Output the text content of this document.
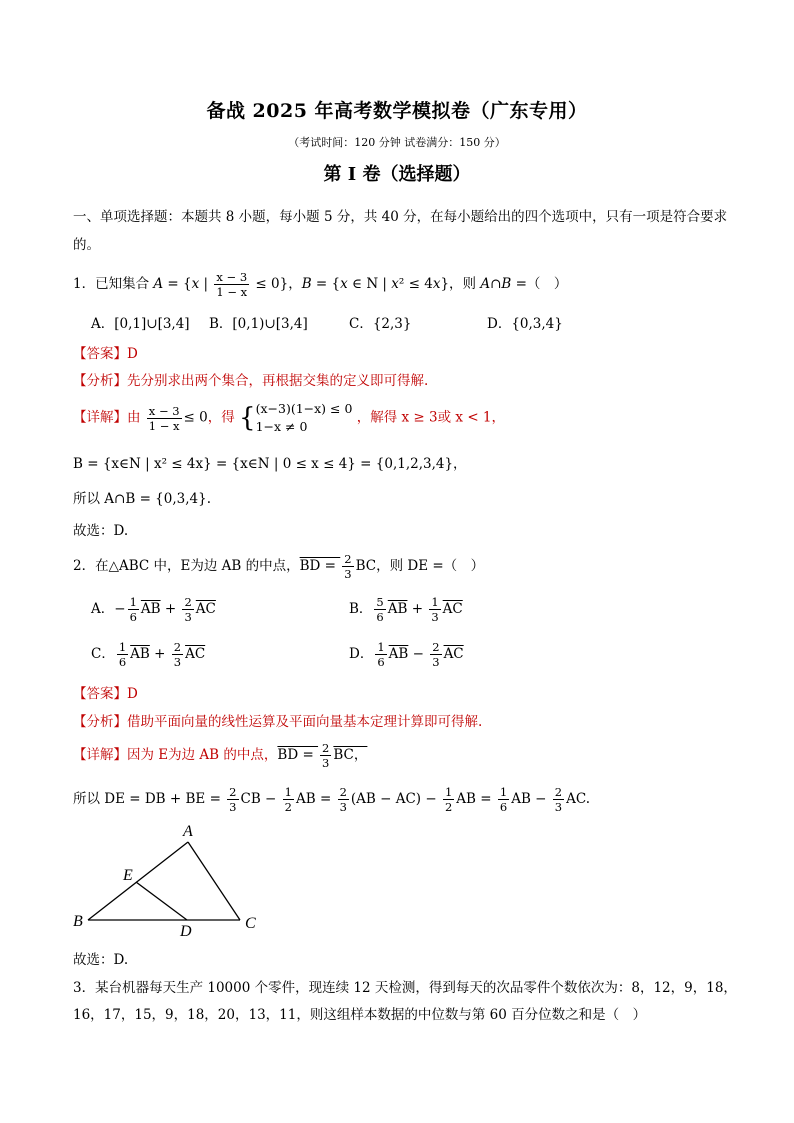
备战 2025 年高考数学模拟卷（广东专用）
（考试时间：120 分钟 试卷满分：150 分）
第 I 卷（选择题）
一、单项选择题：本题共 8 小题，每小题 5 分，共 40 分，在每小题给出的四个选项中，只有一项是符合要求的。
1．已知集合 A = {x | $\frac{x - 3}{1 - x} \le 0$}，B = {x ∈ N | x² ≤ 4x}，则 A∩B =（　）
A．[0,1]∪[3,4] B．[0,1)∪[3,4]	C．{2,3}	D．{0,3,4}
【答案】D
【分析】先分别求出两个集合，再根据交集的定义即可得解.
【详解】由 $\frac{x - 3}{1 - x} \le 0$，得 { (x−3)(1−x) ≤ 0
1−x ≠ 0
，解得 x ≥ 3或 x < 1，
B = {x∈N | x² ≤ 4x} = {x∈N | 0 ≤ x ≤ 4} = {0,1,2,3,4}，
所以 A∩B = {0,3,4}.
故选：D.
2．在△ABC 中，E为边 AB 的中点，BD = $\frac{2}{3}$ BC，则 DE =（　）
A．− $\frac{1}{6} \overline{AB} + \frac{2}{3} \overline{AC}$	B． $\frac{5}{6} \overline{AB} + \frac{1}{3} \overline{AC}$
C． $\frac{1}{6} \overline{AB} + \frac{2}{3} \overline{AC}$	D． $\frac{1}{6} \overline{AB} - \frac{2}{3} \overline{AC}$
【答案】D
【分析】借助平面向量的线性运算及平面向量基本定理计算即可得解.
【详解】因为 E为边 AB 的中点，BD = $\frac{2}{3}$ BC，
所以 DE = DB + BE = $\frac{2}{3}$ CB − $\frac{1}{2}$ AB = $\frac{2}{3} (AB - AC) - \frac{1}{2}$ AB = $\frac{1}{6}$ AB − $\frac{2}{3}$ AC.
A
E
B
D	C
故选：D.
3．某台机器每天生产 10000 个零件，现连续 12 天检测，得到每天的次品零件个数依次为：8，12，9，18，
16，17，15，9，18，20，13，11，则这组样本数据的中位数与第 60 百分位数之和是（　）
